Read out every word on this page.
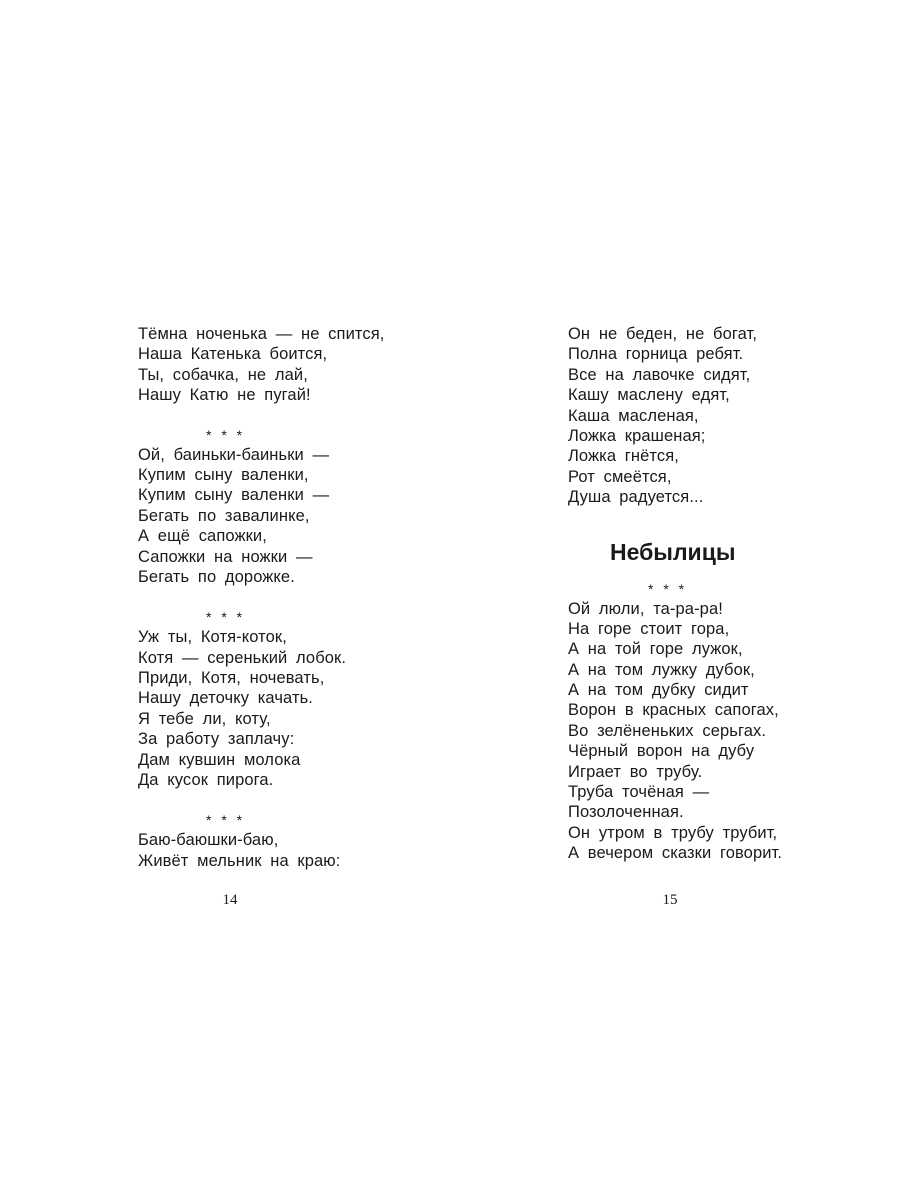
Тёмна ноченька — не спится,
Наша Катенька боится,
Ты, собачка, не лай,
Нашу Катю не пугай!
* * *
Ой, баиньки-баиньки —
Купим сыну валенки,
Купим сыну валенки —
Бегать по завалинке,
А ещё сапожки,
Сапожки на ножки —
Бегать по дорожке.
* * *
Уж ты, Котя-коток,
Котя — серенький лобок.
Приди, Котя, ночевать,
Нашу деточку качать.
Я тебе ли, коту,
За работу заплачу:
Дам кувшин молока
Да кусок пирога.
* * *
Баю-баюшки-баю,
Живёт мельник на краю:
14
Он не беден, не богат,
Полна горница ребят.
Все на лавочке сидят,
Кашу маслену едят,
Каша масленая,
Ложка крашеная;
Ложка гнётся,
Рот смеётся,
Душа радуется...
Небылицы
* * *
Ой люли, та-ра-ра!
На горе стоит гора,
А на той горе лужок,
А на том лужку дубок,
А на том дубку сидит
Ворон в красных сапогах,
Во зелёненьких серьгах.
Чёрный ворон на дубу
Играет во трубу.
Труба точёная —
Позолоченная.
Он утром в трубу трубит,
А вечером сказки говорит.
15
